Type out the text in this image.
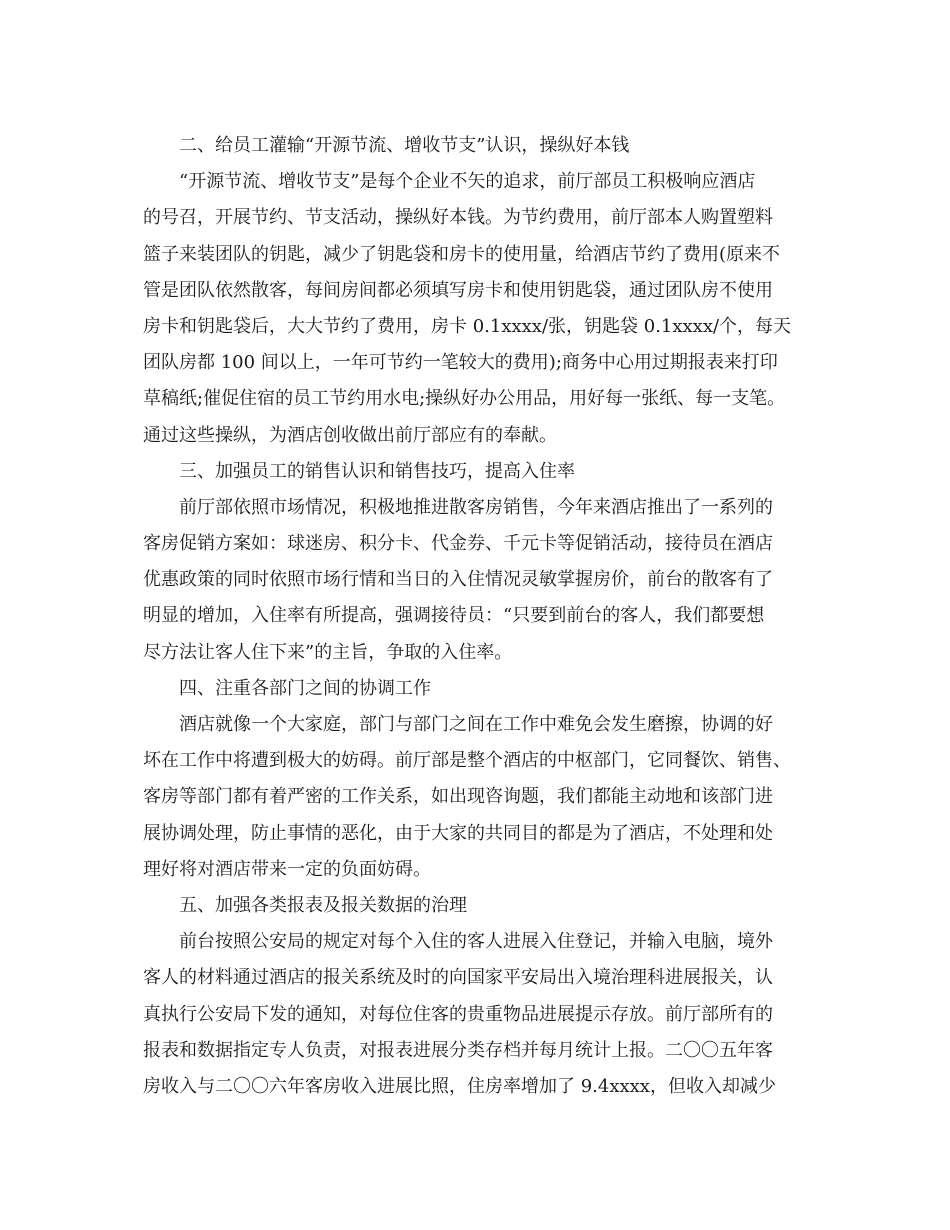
二、给员工灌输“开源节流、增收节支”认识，操纵好本钱
“开源节流、增收节支”是每个企业不矢的追求，前厅部员工积极响应酒店
的号召，开展节约、节支活动，操纵好本钱。为节约费用，前厅部本人购置塑料
篮子来装团队的钥匙，减少了钥匙袋和房卡的使用量，给酒店节约了费用(原来不
管是团队依然散客，每间房间都必须填写房卡和使用钥匙袋，通过团队房不使用
房卡和钥匙袋后，大大节约了费用，房卡 0.1xxxx/张，钥匙袋 0.1xxxx/个，每天
团队房都 100 间以上，一年可节约一笔较大的费用);商务中心用过期报表来打印
草稿纸;催促住宿的员工节约用水电;操纵好办公用品，用好每一张纸、每一支笔。
通过这些操纵，为酒店创收做出前厅部应有的奉献。
三、加强员工的销售认识和销售技巧，提高入住率
前厅部依照市场情况，积极地推进散客房销售，今年来酒店推出了一系列的
客房促销方案如：球迷房、积分卡、代金券、千元卡等促销活动，接待员在酒店
优惠政策的同时依照市场行情和当日的入住情况灵敏掌握房价，前台的散客有了
明显的增加，入住率有所提高，强调接待员：“只要到前台的客人，我们都要想
尽方法让客人住下来”的主旨，争取的入住率。
四、注重各部门之间的协调工作
酒店就像一个大家庭，部门与部门之间在工作中难免会发生磨擦，协调的好
坏在工作中将遭到极大的妨碍。前厅部是整个酒店的中枢部门，它同餐饮、销售、
客房等部门都有着严密的工作关系，如出现咨询题，我们都能主动地和该部门进
展协调处理，防止事情的恶化，由于大家的共同目的都是为了酒店，不处理和处
理好将对酒店带来一定的负面妨碍。
五、加强各类报表及报关数据的治理
前台按照公安局的规定对每个入住的客人进展入住登记，并输入电脑，境外
客人的材料通过酒店的报关系统及时的向国家平安局出入境治理科进展报关，认
真执行公安局下发的通知，对每位住客的贵重物品进展提示存放。前厅部所有的
报表和数据指定专人负责，对报表进展分类存档并每月统计上报。二〇〇五年客
房收入与二〇〇六年客房收入进展比照，住房率增加了 9.4xxxx，但收入却减少
